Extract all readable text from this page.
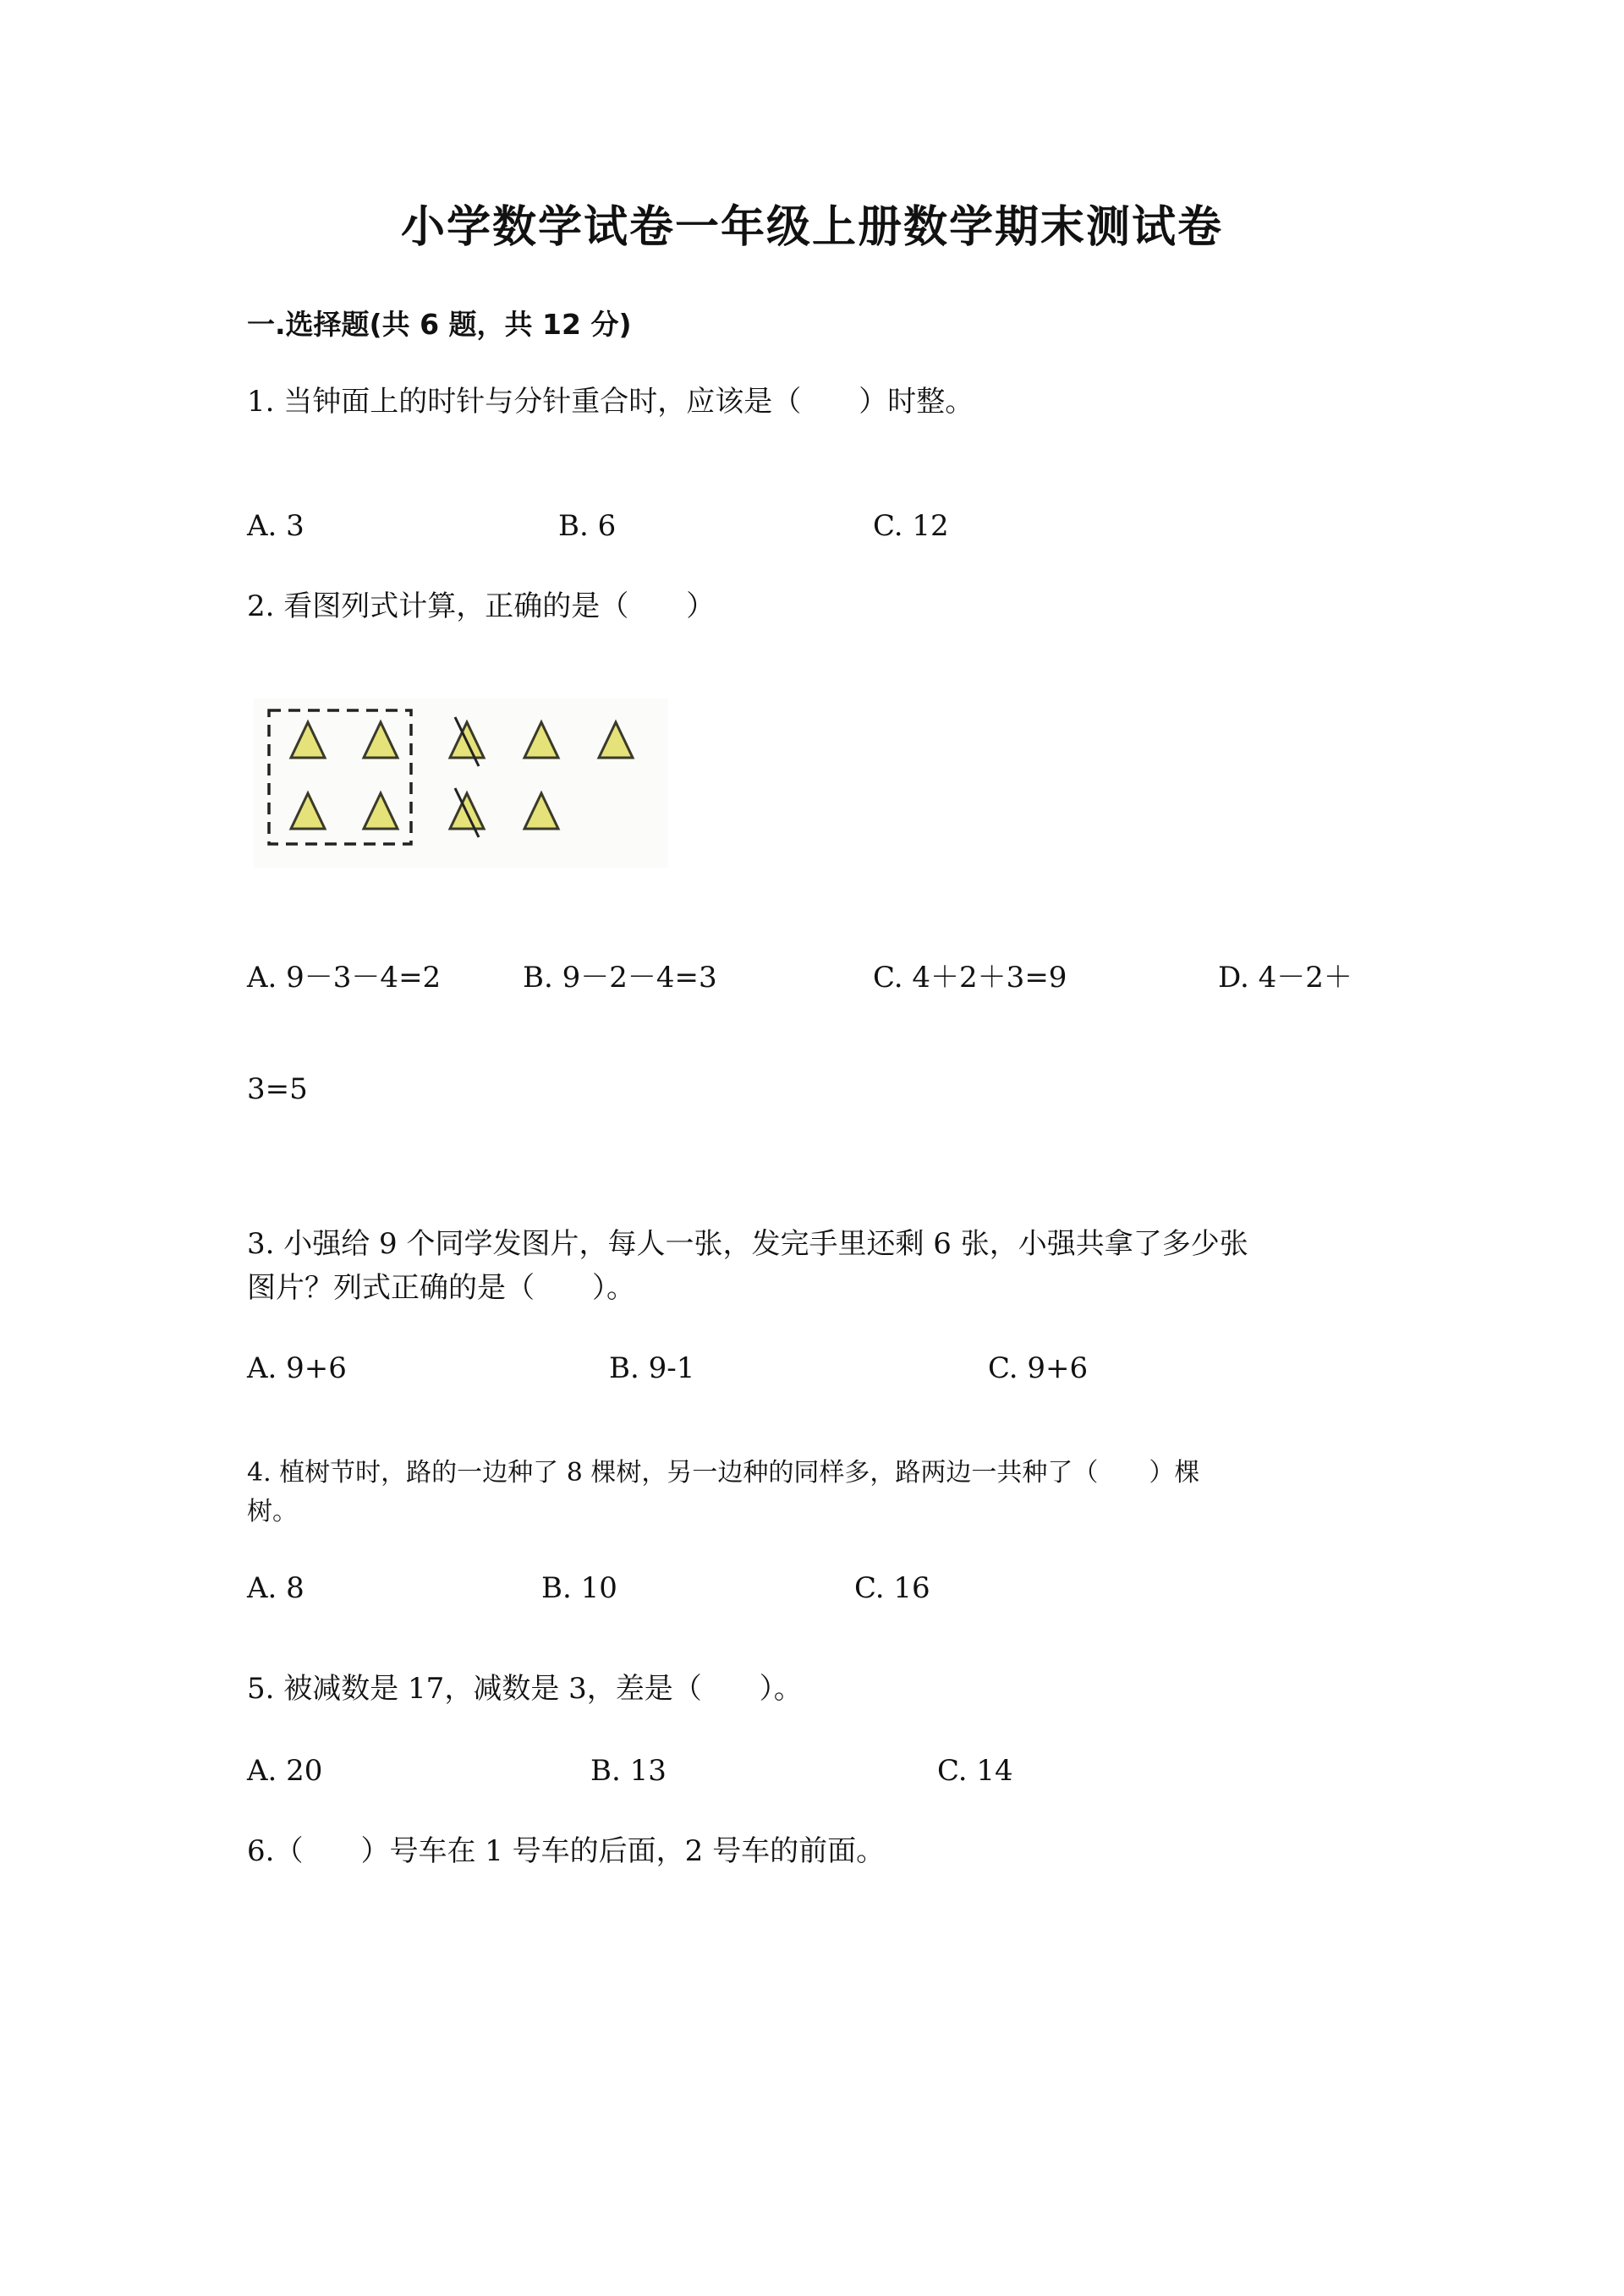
小学数学试卷一年级上册数学期末测试卷
一.选择题(共 6 题，共 12 分)
1. 当钟面上的时针与分针重合时，应该是（　　）时整。
A. 3	B. 6	C. 12
2. 看图列式计算，正确的是（　　）
A. 9－3－4=2	B. 9－2－4=3	C. 4＋2＋3=9	D. 4－2＋
3=5
3. 小强给 9 个同学发图片，每人一张，发完手里还剩 6 张，小强共拿了多少张
图片？列式正确的是（　　）。
A. 9+6	B. 9-1	C. 9+6
4. 植树节时，路的一边种了 8 棵树，另一边种的同样多，路两边一共种了（　　）棵
树。
A. 8	B. 10	C. 16
5. 被减数是 17，减数是 3，差是（　　）。
A. 20	B. 13	C. 14
6.（　　）号车在 1 号车的后面，2 号车的前面。
